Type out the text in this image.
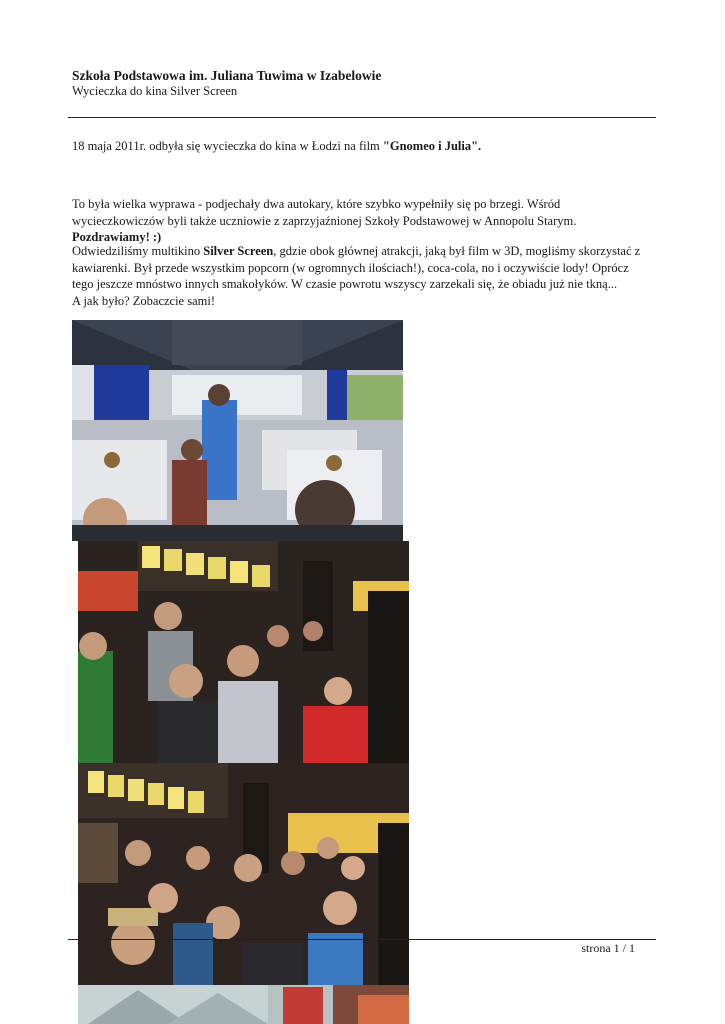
Szkoła Podstawowa im. Juliana Tuwima w Izabelowie
Wycieczka do kina Silver Screen
18 maja 2011r. odbyła się wycieczka do kina w Łodzi na film "Gnomeo i Julia".
To była wielka wyprawa - podjechały dwa autokary, które szybko wypełniły się po brzegi. Wśród wycieczkowiczów byli także uczniowie z zaprzyjaźnionej Szkoły Podstawowej w Annopolu Starym. Pozdrawiamy! :)
Odwiedziliśmy multikino Silver Screen, gdzie obok głównej atrakcji, jaką był film w 3D, mogliśmy skorzystać z kawiarenki. Był przede wszystkim popcorn (w ogromnych ilościach!), coca-cola, no i oczywiście lody! Oprócz tego jeszcze mnóstwo innych smakołyków. W czasie powrotu wszyscy zarzekali się, że obiadu już nie tkną...
A jak było? Zobaczcie sami!
strona 1 / 1
